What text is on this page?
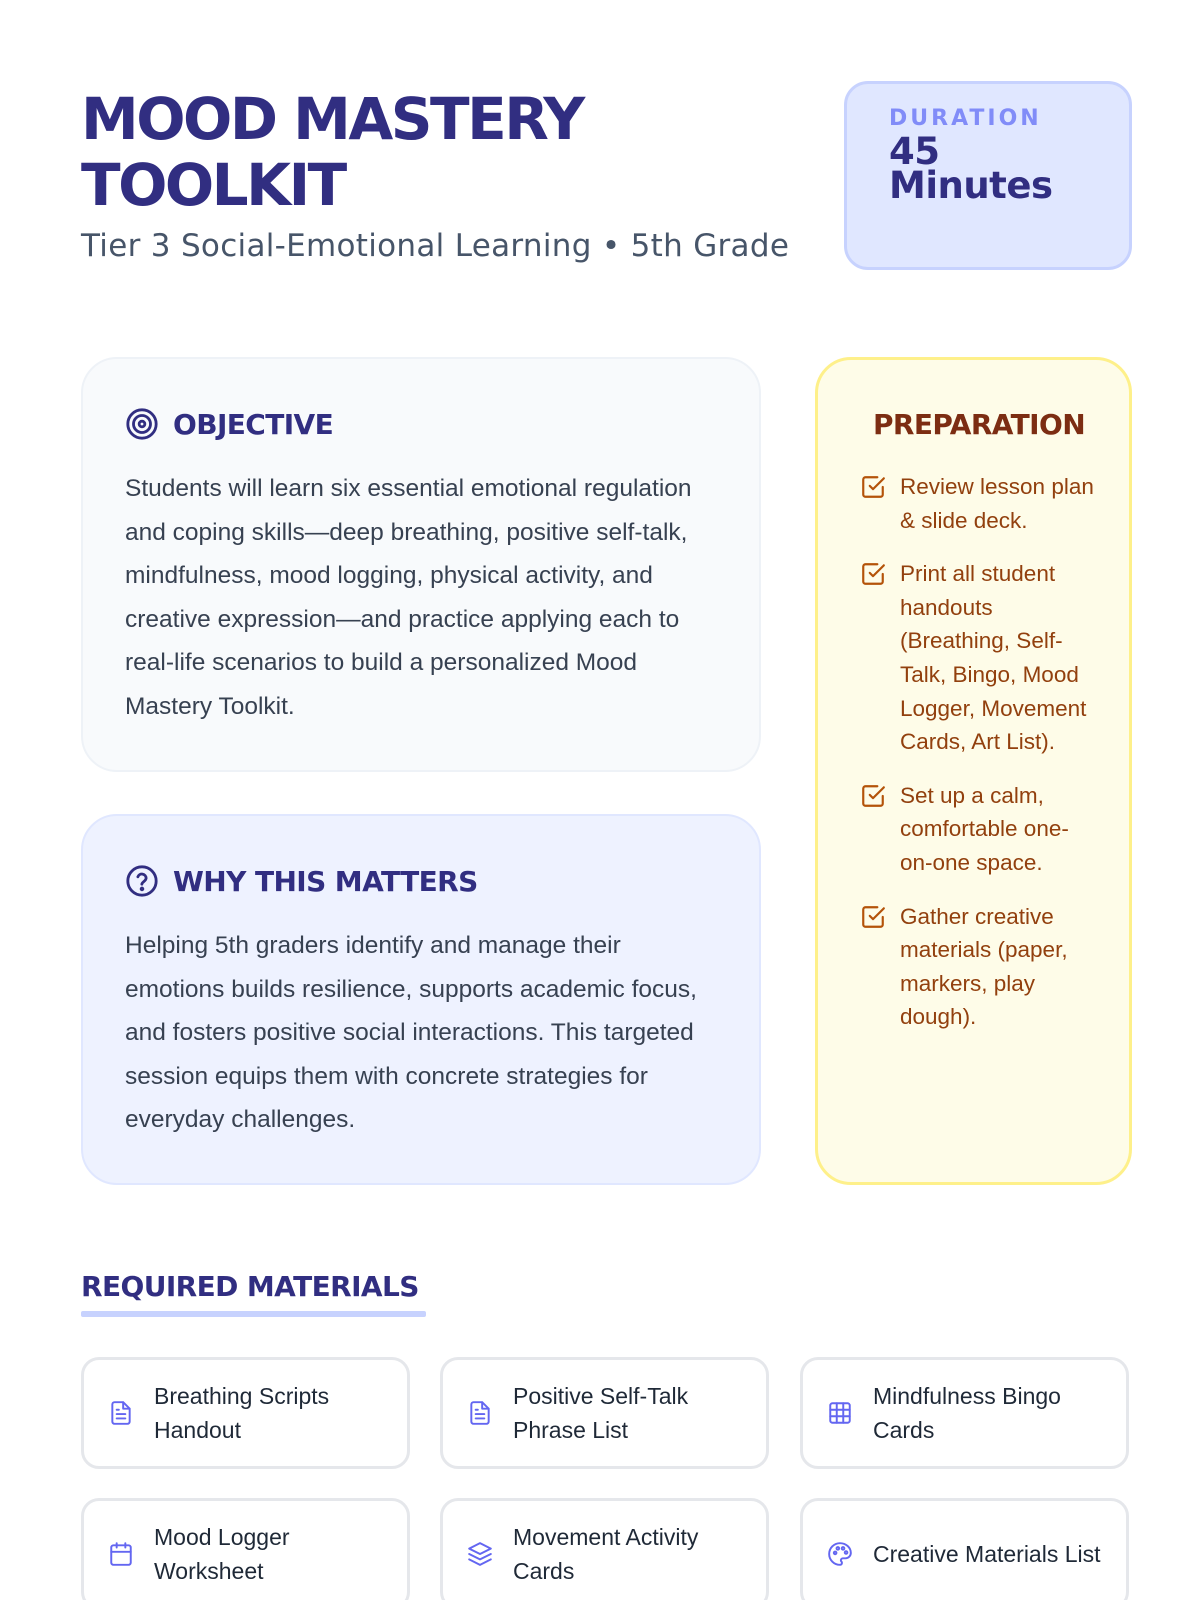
MOOD MASTERY
TOOLKIT
Tier 3 Social-Emotional Learning • 5th Grade
DURATION
45
Minutes
OBJECTIVE

Students will learn six essential emotional regulation and coping skills—deep breathing, positive self-talk, mindfulness, mood logging, physical activity, and creative expression—and practice applying each to real-life scenarios to build a personalized Mood Mastery Toolkit.

WHY THIS MATTERS

Helping 5th graders identify and manage their emotions builds resilience, supports academic focus, and fosters positive social interactions. This targeted session equips them with concrete strategies for everyday challenges.

PREPARATION
Review lesson plan & slide deck.
Print all student handouts (Breathing, Self-Talk, Bingo, Mood Logger, Movement Cards, Art List).
Set up a calm, comfortable one-on-one space.
Gather creative materials (paper, markers, play dough).
REQUIRED MATERIALS
Breathing Scripts Handout
Positive Self-Talk Phrase List
Mindfulness Bingo Cards
Mood Logger Worksheet
Movement Activity Cards
Creative Materials List
